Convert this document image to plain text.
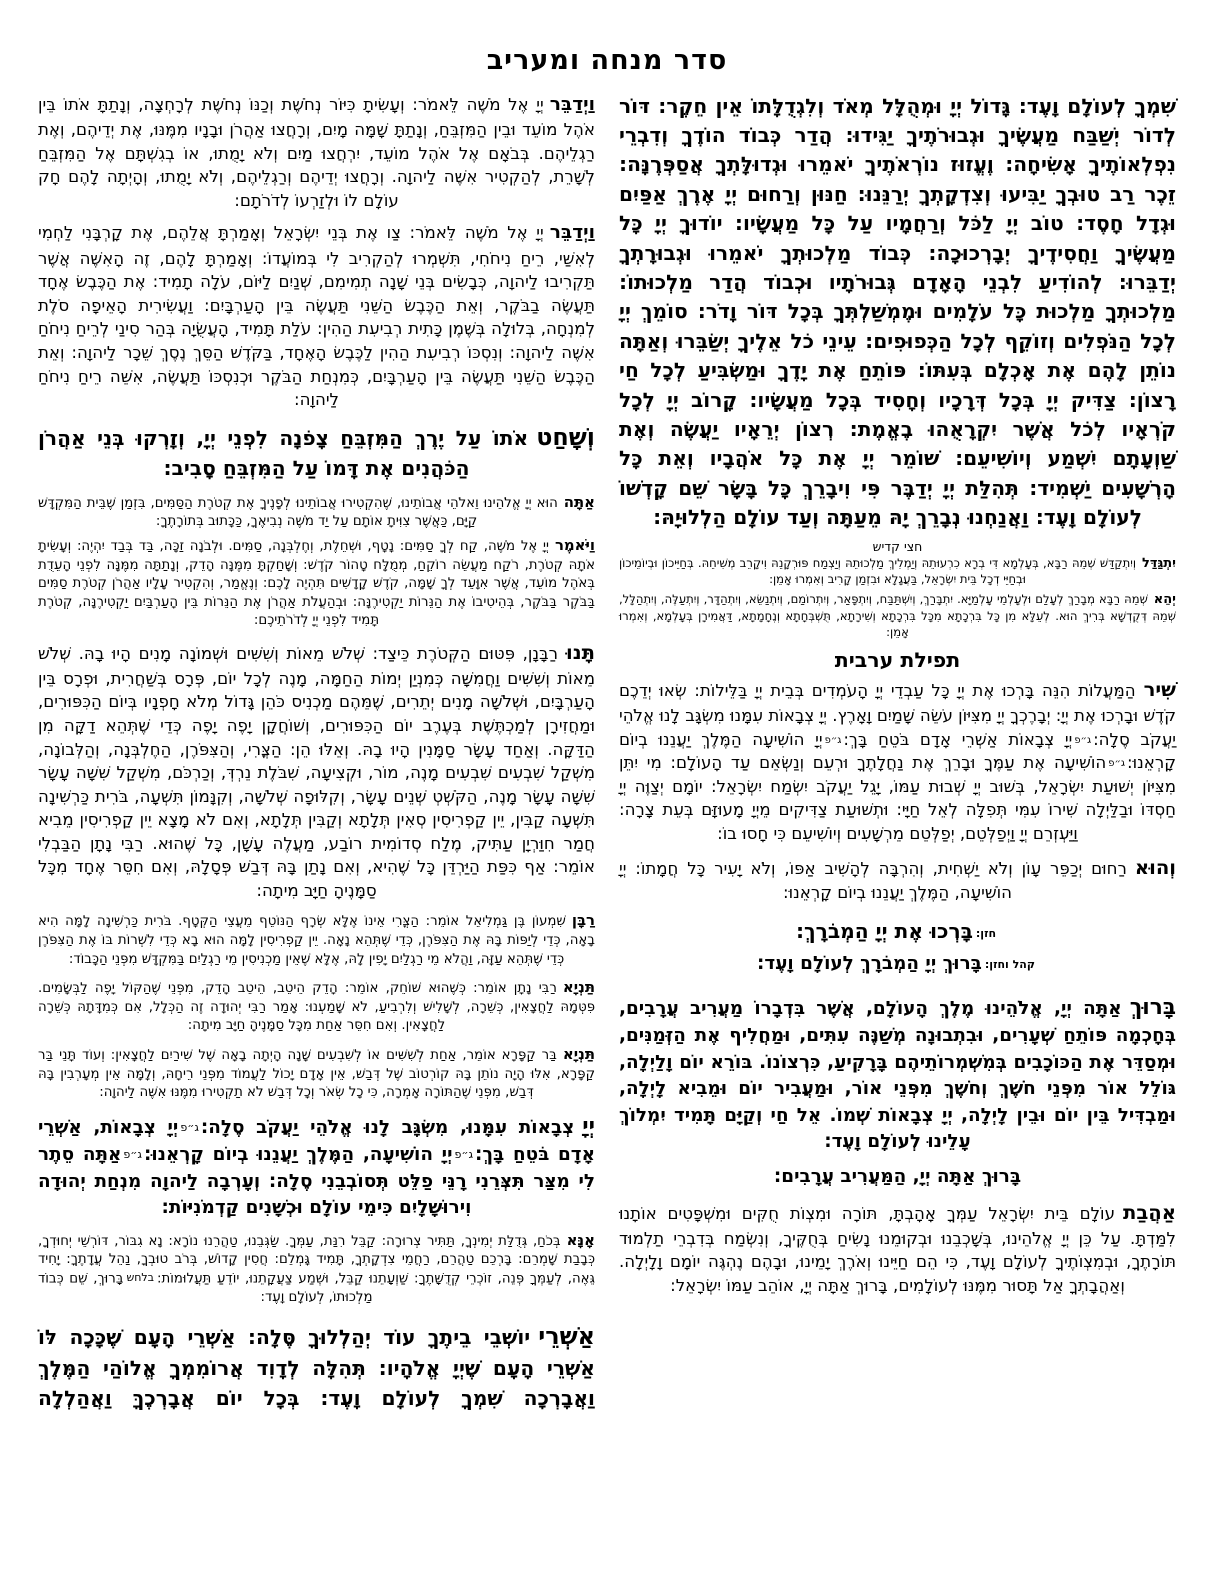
סדר מנחה ומעריב

וַיְדַבֵּריְיָ אֶל מֹשֶׁה לֵּאמֹר: וְעָשִׂיתָ כִּיּוֹר נְחֹשֶׁת וְכַנּוֹ נְחֹשֶׁת לְרָחְצָה, וְנָתַתָּ אֹתוֹ בֵּין אֹהֶל מוֹעֵד וּבֵין הַמִּזְבֵּחַ, וְנָתַתָּ שָׁמָּה מָיִם, וְרָחֲצוּ אַהֲרֹן וּבָנָיו מִמֶּנּוּ, אֶת יְדֵיהֶם, וְאֶת רַגְלֵיהֶם. בְּבֹאָם אֶל אֹהֶל מוֹעֵד, יִרְחֲצוּ מַיִם וְלֹא יָמֻתוּ, אוֹ בְגִשְׁתָּם אֶל הַמִּזְבֵּחַ לְשָׁרֵת, לְהַקְטִיר אִשֶּׁה לַיהוָה. וְרָחֲצוּ יְדֵיהֶם וְרַגְלֵיהֶם, וְלֹא יָמֻתוּ, וְהָיְתָה לָהֶם חָק עוֹלָם לוֹ וּלְזַרְעוֹ לְדֹרֹתָם:

וַיְדַבֵּריְיָ אֶל מֹשֶׁה לֵּאמֹר: צַו אֶת בְּנֵי יִשְׂרָאֵל וְאָמַרְתָּ אֲלֵהֶם, אֶת קָרְבָּנִי לַחְמִי לְאִשַּׁי, רֵיחַ נִיחֹחִי, תִּשְׁמְרוּ לְהַקְרִיב לִי בְּמוֹעֲדוֹ: וְאָמַרְתָּ לָהֶם, זֶה הָאִשֶּׁה אֲשֶׁר תַּקְרִיבוּ לַיהוָה, כְּבָשִׂים בְּנֵי שָׁנָה תְמִימִם, שְׁנַיִם לַיּוֹם, עֹלָה תָמִיד: אֶת הַכֶּבֶשׂ אֶחָד תַּעֲשֶׂה בַבֹּקֶר, וְאֵת הַכֶּבֶשׂ הַשֵּׁנִי תַּעֲשֶׂה בֵּין הָעַרְבָּיִם: וַעֲשִׂירִית הָאֵיפָה סֹלֶת לְמִנְחָה, בְּלוּלָה בְּשֶׁמֶן כָּתִית רְבִיעִת הַהִין: עֹלַת תָּמִיד, הָעֲשֻׂיָה בְּהַר סִינַי לְרֵיחַ נִיחֹחַ אִשֶּׁה לַיהוָה: וְנִסְכּוֹ רְבִיעִת הַהִין לַכֶּבֶשׂ הָאֶחָד, בַּקֹּדֶשׁ הַסֵּךְ נֶסֶךְ שֵׁכָר לַיהוָה: וְאֵת הַכֶּבֶשׂ הַשֵּׁנִי תַּעֲשֶׂה בֵּין הָעַרְבָּיִם, כְּמִנְחַת הַבֹּקֶר וּכְנִסְכּוֹ תַּעֲשֶׂה, אִשֵּׁה רֵיחַ נִיחֹחַ לַיהוָה:

וְשָׁחַטאֹתוֹ עַל יֶרֶךְ הַמִּזְבֵּחַ צָפֹנָה לִפְנֵי יְיָ, וְזָרְקוּ בְּנֵי אַהֲרֹן הַכֹּהֲנִים אֶת דָּמוֹ עַל הַמִּזְבֵּחַ סָבִיב:

אַתָּההוּא יְיָ אֱלֹהֵינוּ וֵאלֹהֵי אֲבוֹתֵינוּ, שֶׁהִקְטִירוּ אֲבוֹתֵינוּ לְפָנֶיךָ אֶת קְטֹרֶת הַסַּמִּים, בִּזְמַן שֶׁבֵּית הַמִּקְדָּשׁ קַיָּם, כַּאֲשֶׁר צִוִּיתָ אוֹתָם עַל יַד מֹשֶׁה נְבִיאֶךָ, כַּכָּתוּב בְּתוֹרָתֶךָ:

וַיֹּאמֶריְיָ אֶל מֹשֶׁה, קַח לְךָ סַמִּים: נָטָף, וּשְׁחֵלֶת, וְחֶלְבְּנָה, סַמִּים. וּלְבֹנָה זַכָּה, בַּד בְּבַד יִהְיֶה: וְעָשִׂיתָ אֹתָהּ קְטֹרֶת, רֹקַח מַעֲשֵׂה רוֹקֵחַ, מְמֻלָּח טָהוֹר קֹדֶשׁ: וְשָׁחַקְתָּ מִמֶּנָּה הָדֵק, וְנָתַתָּה מִמֶּנָּה לִפְנֵי הָעֵדֻת בְּאֹהֶל מוֹעֵד, אֲשֶׁר אִוָּעֵד לְךָ שָׁמָּה, קֹדֶשׁ קָדָשִׁים תִּהְיֶה לָכֶם: וְנֶאֱמַר, וְהִקְטִיר עָלָיו אַהֲרֹן קְטֹרֶת סַמִּים בַּבֹּקֶר בַּבֹּקֶר, בְּהֵיטִיבוֹ אֶת הַנֵּרוֹת יַקְטִירֶנָּה: וּבְהַעֲלֹת אַהֲרֹן אֶת הַנֵּרוֹת בֵּין הָעַרְבַּיִם יַקְטִירֶנָּה, קְטֹרֶת תָּמִיד לִפְנֵי יְיָ לְדֹרֹתֵיכֶם:

תָּנוּרַבָּנָן, פִּטּוּם הַקְּטֹרֶת כֵּיצַד: שְׁלֹשׁ מֵאוֹת וְשִׁשִּׁים וּשְׁמוֹנָה מָנִים הָיוּ בָהּ. שְׁלֹשׁ מֵאוֹת וְשִׁשִּׁים וַחֲמִשָּׁה כְּמִנְיַן יְמוֹת הַחַמָּה, מָנֶה לְכָל יוֹם, פְּרָס בְּשַׁחֲרִית, וּפְרָס בֵּין הָעַרְבָּיִם, וּשְׁלֹשָׁה מָנִים יְתֵרִים, שֶׁמֵּהֶם מַכְנִיס כֹּהֵן גָּדוֹל מְלֹא חָפְנָיו בְּיוֹם הַכִּפּוּרִים, וּמַחֲזִירָן לְמַכְתֶּשֶׁת בְּעֶרֶב יוֹם הַכִּפּוּרִים, וְשׁוֹחֲקָן יָפֶה יָפֶה כְּדֵי שֶׁתְּהֵא דַקָּה מִן הַדַּקָּה. וְאַחַד עָשָׂר סַמָּנִין הָיוּ בָהּ. וְאֵלּוּ הֵן: הַצֳּרִי, וְהַצִּפֹּרֶן, הַחֶלְבְּנָה, וְהַלְּבוֹנָה, מִשְׁקַל שִׁבְעִים שִׁבְעִים מָנֶה, מוֹר, וּקְצִיעָה, שִׁבֹּלֶת נֵרְדְּ, וְכַרְכֹּם, מִשְׁקַל שִׁשָּׁה עָשָׂר שִׁשָּׁה עָשָׂר מָנֶה, הַקֹּשְׁטְ שְׁנֵים עָשָׂר, וְקִלּוּפָה שְׁלֹשָׁה, וְקִנָּמוֹן תִּשְׁעָה, בֹּרִית כַּרְשִׁינָה תִּשְׁעָה קַבִּין, יֵין קַפְרִיסִין סְאִין תְּלָתָא וְקַבִּין תְּלָתָא, וְאִם לֹא מָצָא יֵין קַפְרִיסִין מֵבִיא חֲמַר חִוַּרְיָן עַתִּיק, מֶלַח סְדוֹמִית רוֹבַע, מַעֲלֶה עָשָׁן, כָּל שֶׁהוּא. רַבִּי נָתָן הַבַּבְלִי אוֹמֵר: אַף כִּפַּת הַיַּרְדֵּן כָּל שֶׁהִיא, וְאִם נָתַן בָּהּ דְּבַשׁ פְּסָלָהּ, וְאִם חִסֵּר אֶחָד מִכָּל סַמָּנֶיהָ חַיָּב מִיתָה:

רַבָּןשִׁמְעוֹן בֶּן גַּמְלִיאֵל אוֹמֵר: הַצֳּרִי אֵינוֹ אֶלָּא שְׂרָף הַנּוֹטֵף מֵעֲצֵי הַקְּטָף. בֹּרִית כַּרְשִׁינָה לָמָּה הִיא בָאָה, כְּדֵי לְיַפּוֹת בָּהּ אֶת הַצִּפֹּרֶן, כְּדֵי שֶׁתְּהֵא נָאָה. יֵין קַפְרִיסִין לָמָּה הוּא בָא כְּדֵי לִשְׁרוֹת בּוֹ אֶת הַצִּפֹּרֶן כְּדֵי שֶׁתְּהֵא עַזָּה, וַהֲלֹא מֵי רַגְלַיִם יָפִין לָהּ, אֶלָּא שֶׁאֵין מַכְנִיסִין מֵי רַגְלַיִם בַּמִּקְדָּשׁ מִפְּנֵי הַכָּבוֹד:

תַּנְיָארַבִּי נָתָן אוֹמֵר: כְּשֶׁהוּא שׁוֹחֵק, אוֹמֵר: הָדֵק הֵיטֵב, הֵיטֵב הָדֵק, מִפְּנֵי שֶׁהַקּוֹל יָפֶה לַבְּשָׂמִים. פִּטְּמָהּ לַחֲצָאִין, כְּשֵׁרָה, לְשָׁלִישׁ וְלִרְבִיעַ, לֹא שָׁמַעְנוּ: אָמַר רַבִּי יְהוּדָה זֶה הַכְּלָל, אִם כְּמִדָּתָהּ כְּשֵׁרָה לַחֲצָאִין. וְאִם חִסֵּר אַחַת מִכָּל סַמָּנֶיהָ חַיָּב מִיתָה:

תַּנְיָאבַּר קַפָּרָא אוֹמֵר, אַחַת לְשִׁשִּׁים אוֹ לְשִׁבְעִים שָׁנָה הָיְתָה בָאָה שֶׁל שִׁירַיִם לַחֲצָאִין: וְעוֹד תָּנֵי בַּר קַפָּרָא, אִלּוּ הָיָה נוֹתֵן בָּהּ קוֹרְטוֹב שֶׁל דְּבַשׁ, אֵין אָדָם יָכוֹל לַעֲמוֹד מִפְּנֵי רֵיחָהּ, וְלָמָּה אֵין מְעָרְבִין בָּהּ דְּבַשׁ, מִפְּנֵי שֶׁהַתּוֹרָה אָמְרָה, כִּי כָל שְׂאֹר וְכָל דְּבַשׁ לֹא תַקְטִירוּ מִמֶּנּוּ אִשֶּׁה לַיהוָה:

יְיָצְבָאוֹת עִמָּנוּ, מִשְׂגָּב לָנוּ אֱלֹהֵי יַעֲקֹב סֶלָה:ג״פיְיָ צְבָאוֹת, אַשְׁרֵי אָדָם בֹּטֵחַ בָּךְ:ג״פיְיָ הוֹשִׁיעָה, הַמֶּלֶךְ יַעֲנֵנוּ בְיוֹם קָרְאֵנוּ:ג״פאַתָּה סֵתֶר לִי מִצַּר תִּצְּרֵנִי רָנֵּי פַלֵּט תְּסוֹבְבֵנִי סֶלָה: וְעָרְבָה לַיהוָה מִנְחַת יְהוּדָה וִירוּשָׁלָיִם כִּימֵי עוֹלָם וּכְשָׁנִים קַדְמֹנִיּוֹת:

אָנָּאבְּכֹחַ, גְּדֻלַּת יְמִינְךָ, תַּתִּיר צְרוּרָה: קַבֵּל רִנַּת, עַמְּךָ. שַׂגְּבֵנוּ, טַהֲרֵנוּ נוֹרָא: נָא גִבּוֹר, דּוֹרְשֵׁי יְחוּדְךָ, כְּבָבַת שָׁמְרֵם: בָּרְכֵם טַהֲרֵם, רַחֲמֵי צִדְקָתְךָ, תָּמִיד גָּמְלֵם: חֲסִין קָדוֹשׁ, בְּרֹב טוּבְךָ, נַהֵל עֲדָתֶךָ: יָחִיד גֵּאֶה, לְעַמְּךָ פְּנֵה, זוֹכְרֵי קְדֻשָּׁתֶךָ: שַׁוְעָתֵנוּ קַבֵּל, וּשְׁמַע צַעֲקָתֵנוּ, יוֹדֵעַ תַּעֲלוּמוֹת:בלחשבָּרוּךְ, שֵׁם כְּבוֹד מַלְכוּתוֹ, לְעוֹלָם וָעֶד:

אַשְׁרֵייוֹשְׁבֵי בֵיתֶךָ עוֹד יְהַלְלוּךָ סֶּלָה: אַשְׁרֵי הָעָם שֶׁכָּכָה לּוֹ אַשְׁרֵי הָעָם שֶׁיְיָ אֱלֹהָיו: תְּהִלָּה לְדָוִד אֲרוֹמִמְךָ אֱלוֹהַי הַמֶּלֶךְ וַאֲבָרְכָה שִׁמְךָ לְעוֹלָם וָעֶד: בְּכָל יוֹם אֲבָרְכֶךָּ וַאֲהַלְלָה

שִׁמְךָ לְעוֹלָם וָעֶד: גָּדוֹל יְיָ וּמְהֻלָּל מְאֹד וְלִגְדֻלָּתוֹ אֵין חֵקֶר: דּוֹר לְדוֹר יְשַׁבַּח מַעֲשֶׂיךָ וּגְבוּרֹתֶיךָ יַגִּידוּ: הֲדַר כְּבוֹד הוֹדֶךָ וְדִבְרֵי נִפְלְאוֹתֶיךָ אָשִׂיחָה: וֶעֱזוּז נוֹרְאֹתֶיךָ יֹאמֵרוּ וּגְדוּלָּתְךָ אֲסַפְּרֶנָּה: זֵכֶר רַב טוּבְךָ יַבִּיעוּ וְצִדְקָתְךָ יְרַנֵּנוּ: חַנּוּן וְרַחוּם יְיָ אֶרֶךְ אַפַּיִם וּגְדָל חָסֶד: טוֹב יְיָ לַכֹּל וְרַחֲמָיו עַל כָּל מַעֲשָׂיו: יוֹדוּךָ יְיָ כָּל מַעֲשֶׂיךָ וַחֲסִידֶיךָ יְבָרְכוּכָה: כְּבוֹד מַלְכוּתְךָ יֹאמֵרוּ וּגְבוּרָתְךָ יְדַבֵּרוּ: לְהוֹדִיעַ לִבְנֵי הָאָדָם גְּבוּרֹתָיו וּכְבוֹד הֲדַר מַלְכוּתוֹ: מַלְכוּתְךָ מַלְכוּת כָּל עֹלָמִים וּמֶמְשַׁלְתְּךָ בְּכָל דּוֹר וָדֹר: סוֹמֵךְ יְיָ לְכָל הַנֹּפְלִים וְזוֹקֵף לְכָל הַכְּפוּפִים: עֵינֵי כֹל אֵלֶיךָ יְשַׂבֵּרוּ וְאַתָּה נוֹתֵן לָהֶם אֶת אָכְלָם בְּעִתּוֹ: פּוֹתֵחַ אֶת יָדֶךָ וּמַשְׂבִּיעַ לְכָל חַי רָצוֹן: צַדִּיק יְיָ בְּכָל דְּרָכָיו וְחָסִיד בְּכָל מַעֲשָׂיו: קָרוֹב יְיָ לְכָל קֹרְאָיו לְכֹל אֲשֶׁר יִקְרָאֻהוּ בֶאֱמֶת: רְצוֹן יְרֵאָיו יַעֲשֶׂה וְאֶת שַׁוְעָתָם יִשְׁמַע וְיוֹשִׁיעֵם: שׁוֹמֵר יְיָ אֶת כָּל אֹהֲבָיו וְאֵת כָּל הָרְשָׁעִים יַשְׁמִיד: תְּהִלַּת יְיָ יְדַבֶּר פִּי וִיבָרֵךְ כָּל בָּשָׂר שֵׁם קָדְשׁוֹ לְעוֹלָם וָעֶד: וַאֲנַחְנוּ נְבָרֵךְ יָהּ מֵעַתָּה וְעַד עוֹלָם הַלְלוּיָהּ:

חצי קדיש

יִתְגַּדַּלוְיִתְקַדַּשׁ שְׁמֵהּ רַבָּא, בְּעָלְמָא דִּי בְרָא כִרְעוּתֵהּ וְיַמְלִיךְ מַלְכוּתֵהּ וְיַצְמַח פּוּרְקָנֵהּ וִיקָרֵב מְשִׁיחֵהּ. בְּחַיֵּיכוֹן וּבְיוֹמֵיכוֹן וּבְחַיֵּי דְכָל בֵּית יִשְׂרָאֵל, בַּעֲגָלָא וּבִזְמַן קָרִיב וְאִמְרוּ אָמֵן:

יְהֵאשְׁמֵהּ רַבָּא מְבָרַךְ לְעָלַם וּלְעָלְמֵי עָלְמַיָּא. יִתְבָּרַךְ, וְיִשְׁתַּבַּח, וְיִתְפָּאַר, וְיִתְרוֹמַם, וְיִתְנַשֵּׂא, וְיִתְהַדָּר, וְיִתְעַלֶּה, וְיִתְהַלָּל, שְׁמֵהּ דְּקֻדְשָׁא בְּרִיךְ הוּא. לְעֵלָּא מִן כָּל בִּרְכָתָא מִכָּל בִּרְכָתָא וְשִׁירָתָא, תֻּשְׁבְּחָתָא וְנֶחָמָתָא, דַּאֲמִירָן בְּעָלְמָא, וְאִמְרוּ אָמֵן:

תפילת ערבית

שִׁירהַמַּעֲלוֹת הִנֵּה בָּרְכוּ אֶת יְיָ כָּל עַבְדֵי יְיָ הָעֹמְדִים בְּבֵית יְיָ בַּלֵּילוֹת: שְׂאוּ יְדֵכֶם קֹדֶשׁ וּבָרְכוּ אֶת יְיָ: יְבָרֶכְךָ יְיָ מִצִּיּוֹן עֹשֵׂה שָׁמַיִם וָאָרֶץ. יְיָ צְבָאוֹת עִמָּנוּ מִשְׂגָּב לָנוּ אֱלֹהֵי יַעֲקֹב סֶלָה:ג״פיְיָ צְבָאוֹת אַשְׁרֵי אָדָם בֹּטֵחַ בָּךְ:ג״פיְיָ הוֹשִׁיעָה הַמֶּלֶךְ יַעֲנֵנוּ בְיוֹם קָרְאֵנוּ:ג״פהוֹשִׁיעָה אֶת עַמֶּךָ וּבָרֵךְ אֶת נַחֲלָתֶךָ וּרְעֵם וְנַשְּׂאֵם עַד הָעוֹלָם: מִי יִתֵּן מִצִּיּוֹן יְשׁוּעַת יִשְׂרָאֵל, בְּשׁוּב יְיָ שְׁבוּת עַמּוֹ, יָגֵל יַעֲקֹב יִשְׂמַח יִשְׂרָאֵל: יוֹמָם יְצַוֶּה יְיָ חַסְדּוֹ וּבַלַּיְלָה שִׁירוֹ עִמִּי תְּפִלָּה לְאֵל חַיָּי: וּתְשׁוּעַת צַדִּיקִים מֵיְיָ מָעוּזָּם בְּעֵת צָרָה: וַיַּעְזְרֵם יְיָ וַיְפַלְּטֵם, יְפַלְּטֵם מֵרְשָׁעִים וְיוֹשִׁיעֵם כִּי חָסוּ בוֹ:

וְהוּארַחוּם יְכַפֵּר עָוֹן וְלֹא יַשְׁחִית, וְהִרְבָּה לְהָשִׁיב אַפּוֹ, וְלֹא יָעִיר כָּל חֲמָתוֹ: יְיָ הוֹשִׁיעָה, הַמֶּלֶךְ יַעֲנֵנוּ בְיוֹם קָרְאֵנוּ:

חזן:בָּרְכוּ אֶת יְיָ הַמְבֹרָךְ:
קהל וחזן:בָּרוּךְ יְיָ הַמְבֹרָךְ לְעוֹלָם וָעֶד:

בָּרוּךְאַתָּה יְיָ, אֱלֹהֵינוּ מֶלֶךְ הָעוֹלָם, אֲשֶׁר בִּדְבָרוֹ מַעֲרִיב עֲרָבִים, בְּחָכְמָה פּוֹתֵחַ שְׁעָרִים, וּבִתְבוּנָה מְשַׁנֶּה עִתִּים, וּמַחֲלִיף אֶת הַזְּמַנִּים, וּמְסַדֵּר אֶת הַכּוֹכָבִים בְּמִשְׁמְרוֹתֵיהֶם בָּרָקִיעַ, כִּרְצוֹנוֹ. בּוֹרֵא יוֹם וָלַיְלָה, גּוֹלֵל אוֹר מִפְּנֵי חֹשֶׁךְ וְחֹשֶׁךְ מִפְּנֵי אוֹר, וּמַעֲבִיר יוֹם וּמֵבִיא לָיְלָה, וּמַבְדִּיל בֵּין יוֹם וּבֵין לָיְלָה, יְיָ צְבָאוֹת שְׁמוֹ. אֵל חַי וְקַיָּם תָּמִיד יִמְלוֹךְ עָלֵינוּ לְעוֹלָם וָעֶד:

בָּרוּךְ אַתָּה יְיָ, הַמַּעֲרִיב עֲרָבִים:

אַהֲבַתעוֹלָם בֵּית יִשְׂרָאֵל עַמְּךָ אָהָבְתָּ, תּוֹרָה וּמִצְוֹת חֻקִּים וּמִשְׁפָּטִים אוֹתָנוּ לִמַּדְתָּ. עַל כֵּן יְיָ אֱלֹהֵינוּ, בְּשָׁכְבֵנוּ וּבְקוּמֵנוּ נָשִׂיחַ בְּחֻקֶּיךָ, וְנִשְׂמַח בְּדִבְרֵי תַלְמוּד תּוֹרָתֶךָ, וּבְמִצְוֹתֶיךָ לְעוֹלָם וָעֶד, כִּי הֵם חַיֵּינוּ וְאֹרֶךְ יָמֵינוּ, וּבָהֶם נֶהְגֶּה יוֹמָם וָלָיְלָה. וְאַהֲבָתְךָ אַל תָּסוּר מִמֶּנּוּ לְעוֹלָמִים, בָּרוּךְ אַתָּה יְיָ, אוֹהֵב עַמּוֹ יִשְׂרָאֵל:
